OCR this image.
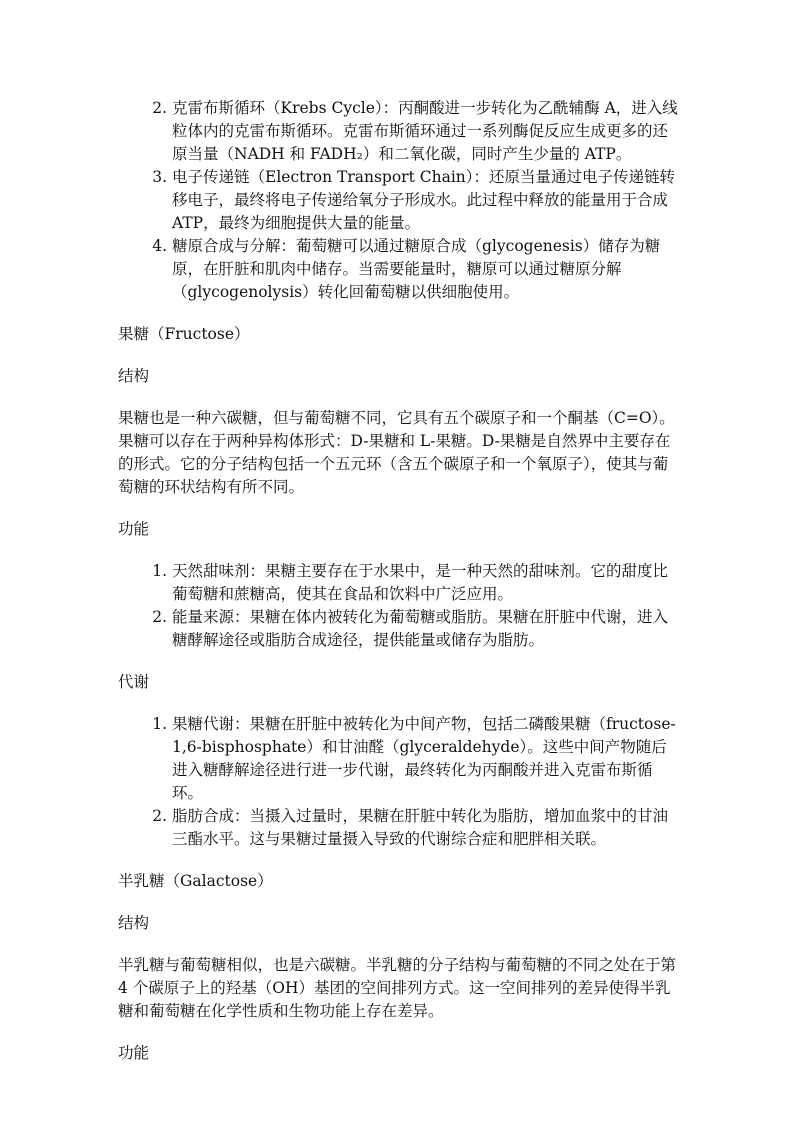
2. 克雷布斯循环（Krebs Cycle）：丙酮酸进一步转化为乙酰辅酶 A，进入线粒体内的克雷布斯循环。克雷布斯循环通过一系列酶促反应生成更多的还原当量（NADH 和 FADH₂）和二氧化碳，同时产生少量的 ATP。
3. 电子传递链（Electron Transport Chain）：还原当量通过电子传递链转移电子，最终将电子传递给氧分子形成水。此过程中释放的能量用于合成 ATP，最终为细胞提供大量的能量。
4. 糖原合成与分解：葡萄糖可以通过糖原合成（glycogenesis）储存为糖原，在肝脏和肌肉中储存。当需要能量时，糖原可以通过糖原分解（glycogenolysis）转化回葡萄糖以供细胞使用。

果糖（Fructose）

结构

果糖也是一种六碳糖，但与葡萄糖不同，它具有五个碳原子和一个酮基（C=O）。果糖可以存在于两种异构体形式：D-果糖和 L-果糖。D-果糖是自然界中主要存在的形式。它的分子结构包括一个五元环（含五个碳原子和一个氧原子），使其与葡萄糖的环状结构有所不同。

功能

1. 天然甜味剂：果糖主要存在于水果中，是一种天然的甜味剂。它的甜度比葡萄糖和蔗糖高，使其在食品和饮料中广泛应用。
2. 能量来源：果糖在体内被转化为葡萄糖或脂肪。果糖在肝脏中代谢，进入糖酵解途径或脂肪合成途径，提供能量或储存为脂肪。

代谢

1. 果糖代谢：果糖在肝脏中被转化为中间产物，包括二磷酸果糖（fructose-1,6-bisphosphate）和甘油醛（glyceraldehyde）。这些中间产物随后进入糖酵解途径进行进一步代谢，最终转化为丙酮酸并进入克雷布斯循环。
2. 脂肪合成：当摄入过量时，果糖在肝脏中转化为脂肪，增加血浆中的甘油三酯水平。这与果糖过量摄入导致的代谢综合症和肥胖相关联。

半乳糖（Galactose）

结构

半乳糖与葡萄糖相似，也是六碳糖。半乳糖的分子结构与葡萄糖的不同之处在于第 4 个碳原子上的羟基（OH）基团的空间排列方式。这一空间排列的差异使得半乳糖和葡萄糖在化学性质和生物功能上存在差异。

功能
